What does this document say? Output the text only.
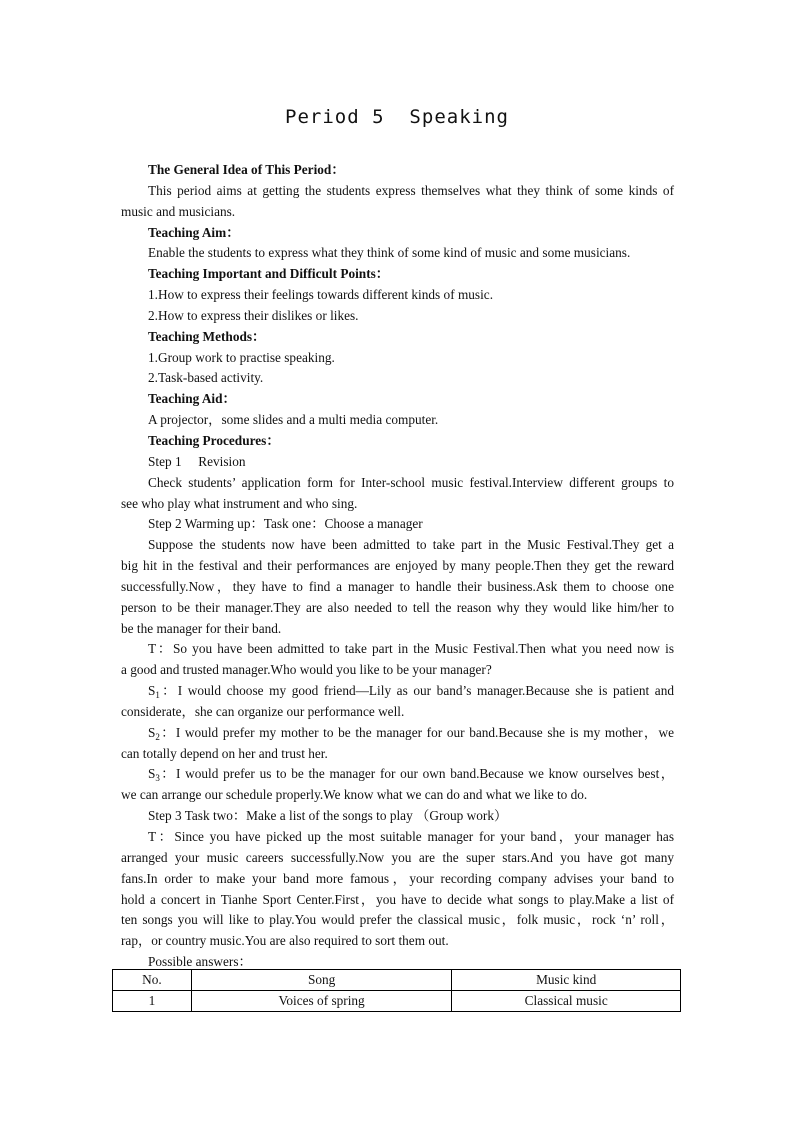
Period 5  Speaking
The General Idea of This Period：
This period aims at getting the students express themselves what they think of some kinds of
music and musicians.
Teaching Aim：
Enable the students to express what they think of some kind of music and some musicians.
Teaching Important and Difficult Points：
1.How to express their feelings towards different kinds of music.
2.How to express their dislikes or likes.
Teaching Methods：
1.Group work to practise speaking.
2.Task-based activity.
Teaching Aid：
A projector，some slides and a multi media computer.
Teaching Procedures：
Step 1     Revision
Check students’ application form for Inter-school music festival.Interview different groups to
see who play what instrument and who sing.
Step 2 Warming up：Task one：Choose a manager
Suppose the students now have been admitted to take part in the Music Festival.They get a
big hit in the festival and their performances are enjoyed by many people.Then they get the reward
successfully.Now，they have to find a manager to handle their business.Ask them to choose one
person to be their manager.They are also needed to tell the reason why they would like him/her to
be the manager for their band.
T：So you have been admitted to take part in the Music Festival.Then what you need now is
a good and trusted manager.Who would you like to be your manager?
$S_1$：I would choose my good friend—Lily as our band’s manager.Because she is patient and
considerate，she can organize our performance well.
$S_2$：I would prefer my mother to be the manager for our band.Because she is my mother，we
can totally depend on her and trust her.
$S_3$：I would prefer us to be the manager for our own band.Because we know ourselves best，
we can arrange our schedule properly.We know what we can do and what we like to do.
Step 3 Task two：Make a list of the songs to play （Group work）
T：Since you have picked up the most suitable manager for your band，your manager has
arranged your music careers successfully.Now you are the super stars.And you have got many
fans.In order to make your band more famous，your recording company advises your band to
hold a concert in Tianhe Sport Center.First，you have to decide what songs to play.Make a list of
ten songs you will like to play.You would prefer the classical music，folk music，rock ‘n’ roll，
rap，or country music.You are also required to sort them out.
Possible answers：
No.	Song	Music kind
1	Voices of spring	Classical music
